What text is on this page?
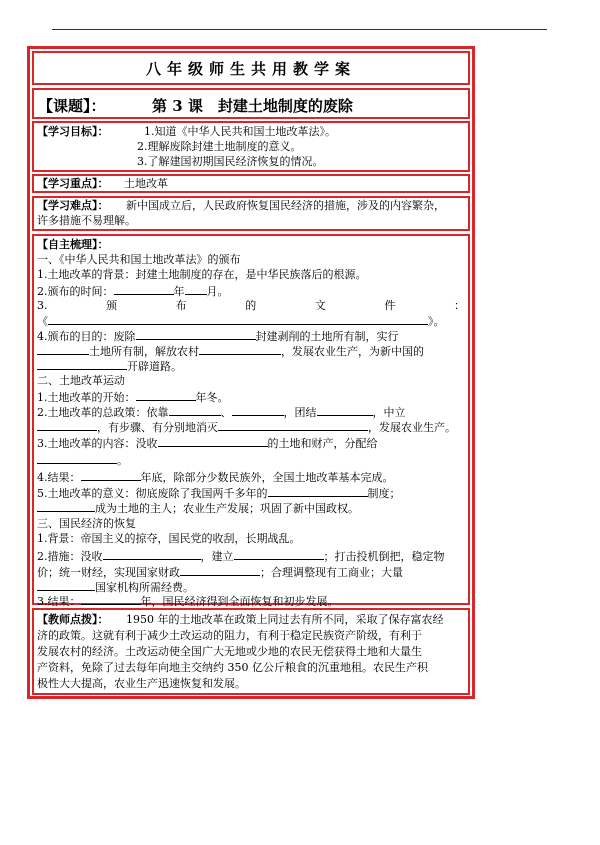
八年级师生共用教学案
【课题】：	第 3 课　封建土地制度的废除
【学习目标】：	1.知道《中华人民共和国土地改革法》。
2.理解废除封建土地制度的意义。
3.了解建国初期国民经济恢复的情况。
【学习重点】： 土地改革
【学习难点】： 新中国成立后，人民政府恢复国民经济的措施，涉及的内容繁杂，
许多措施不易理解。
【自主梳理】：
一、《中华人民共和国土地改革法》的颁布
1.土地改革的背景：封建土地制度的存在，是中华民族落后的根源。
2.颁布的时间：	年 月。
3.	颁	布	的	文	件	：
《	》。
4.颁布的目的：废除	封建剥削的土地所有制，实行
土地所有制，解放农村	，发展农业生产，为新中国的
开辟道路。
二、土地改革运动
1.土地改革的开始：	年冬。
2.土地改革的总政策：依靠	、	，团结	，中立
，有步骤、有分别地消灭	，发展农业生产。
3.土地改革的内容：没收	的土地和财产，分配给
。
4.结果：	年底，除部分少数民族外，全国土地改革基本完成。
5.土地改革的意义：彻底废除了我国两千多年的	制度；
成为土地的主人；农业生产发展；巩固了新中国政权。
三、国民经济的恢复
1.背景：帝国主义的掠夺，国民党的收刮，长期战乱。
2.措施：没收	，建立	；打击投机倒把，稳定物
价；统一财经，实现国家财政	；合理调整现有工商业；大量
国家机构所需经费。
3.结果：	年，国民经济得到全面恢复和初步发展。
【教师点拨】： 1950 年的土地改革在政策上同过去有所不同，采取了保存富农经
济的政策。这就有利于减少土改运动的阻力，有利于稳定民族资产阶级，有利于
发展农村的经济。土改运动使全国广大无地或少地的农民无偿获得土地和大量生
产资料，免除了过去每年向地主交纳约 350 亿公斤粮食的沉重地租。农民生产积
极性大大提高，农业生产迅速恢复和发展。
